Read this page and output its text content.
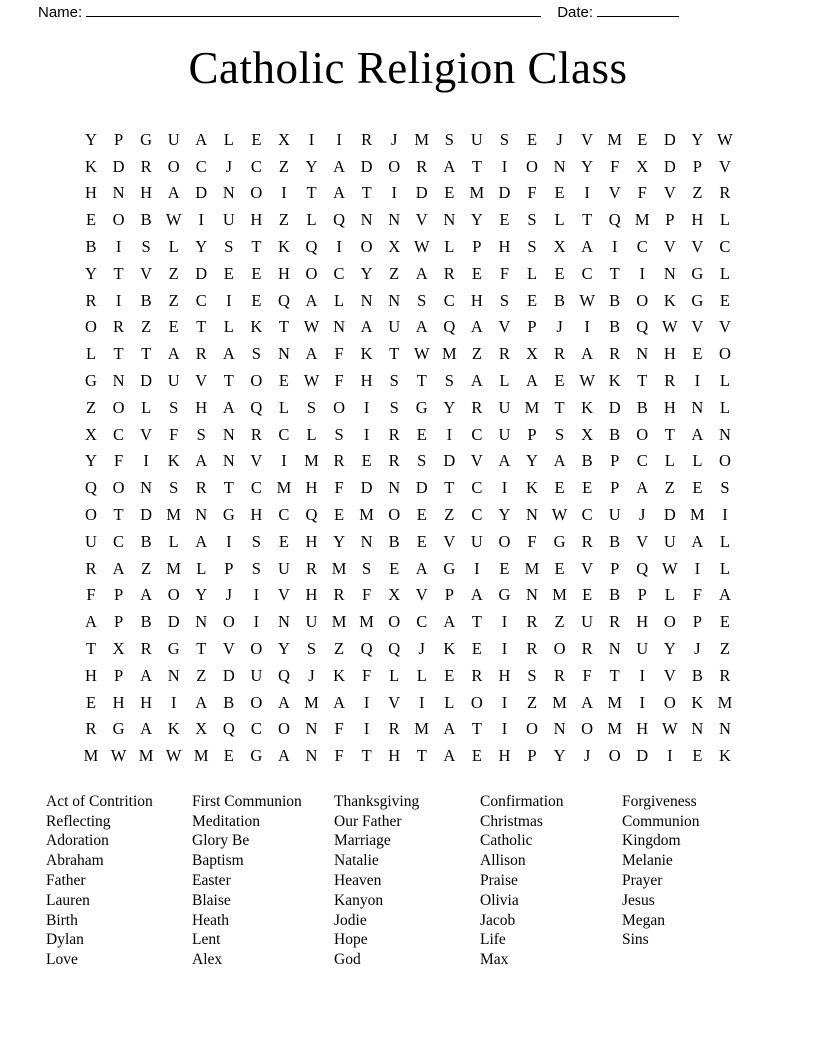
Name:	Date:
Catholic Religion Class
Y	P	G U A	L	E	X	I	I	R	J	M S	U	S	E	J	V M E	D Y W
K D R O C	J	C	Z	Y A D O R A	T	I	O N Y	F	X D	P	V
H N H A D N O	I	T	A	T	I	D	E M D	F	E	I	V	F	V	Z	R
E	O B W	I	U H	Z	L	Q N N V N Y	E	S	L	T	Q M P	H	L
B	I	S	L	Y	S	T	K Q	I	O X W L	P	H	S	X A	I	C V V C
Y	T	V	Z	D	E	E	H O C Y	Z	A R	E	F	L	E	C	T	I	N G	L
R	I	B	Z	C	I	E	Q A	L	N N	S	C H	S	E	B W B O K G	E
O R	Z	E	T	L	K	T W N A U A Q A V	P	J	I	B Q W V V
L	T	T	A R A	S	N A	F	K	T W M Z	R X R A R N H	E	O
G N D U V	T	O	E W F	H	S	T	S	A	L	A	E W K	T	R	I	L
Z	O	L	S	H A Q	L	S	O	I	S	G Y R U M T	K D B H N	L
X C V	F	S	N R	C	L	S	I	R	E	I	C U	P	S	X B O	T	A N
Y	F	I	K A N V	I	M R	E	R	S	D V A Y A B	P	C	L	L	O
Q O N	S	R	T	C M H	F	D N D	T	C	I	K	E	E	P	A	Z	E	S
O	T	D M N G H C Q	E M O	E	Z	C Y N W C U	J	D M	I
U C	B	L	A	I	S	E	H Y N B	E	V U O	F	G R	B V U A	L
R A	Z M L	P	S	U R M S	E	A G	I	E M E	V	P	Q W	I	L
F	P	A O Y	J	I	V H R	F	X V	P	A G N M E	B	P	L	F	A
A	P	B D N O	I	N U M M O C A	T	I	R	Z	U R H O	P	E
T	X R G	T	V O Y	S	Z	Q Q	J	K	E	I	R O R N U Y	J	Z
H	P	A N	Z	D U Q	J	K	F	L	L	E	R H	S	R	F	T	I	V B	R
E	H H	I	A B O A M A	I	V	I	L	O	I	Z M A M	I	O K M
R G A K X Q C O N	F	I	R M A	T	I	O N O M H W N N
M W M W M E	G A N	F	T	H	T	A	E	H	P	Y	J	O D	I	E	K
Act of Contrition
Reflecting
Adoration
Abraham
Father
Lauren
Birth
Dylan
Love
First Communion
Meditation
Glory Be
Baptism
Easter
Blaise
Heath
Lent
Alex
Thanksgiving
Our Father
Marriage
Natalie
Heaven
Kanyon
Jodie
Hope
God
Confirmation
Christmas
Catholic
Allison
Praise
Olivia
Jacob
Life
Max
Forgiveness
Communion
Kingdom
Melanie
Prayer
Jesus
Megan
Sins
